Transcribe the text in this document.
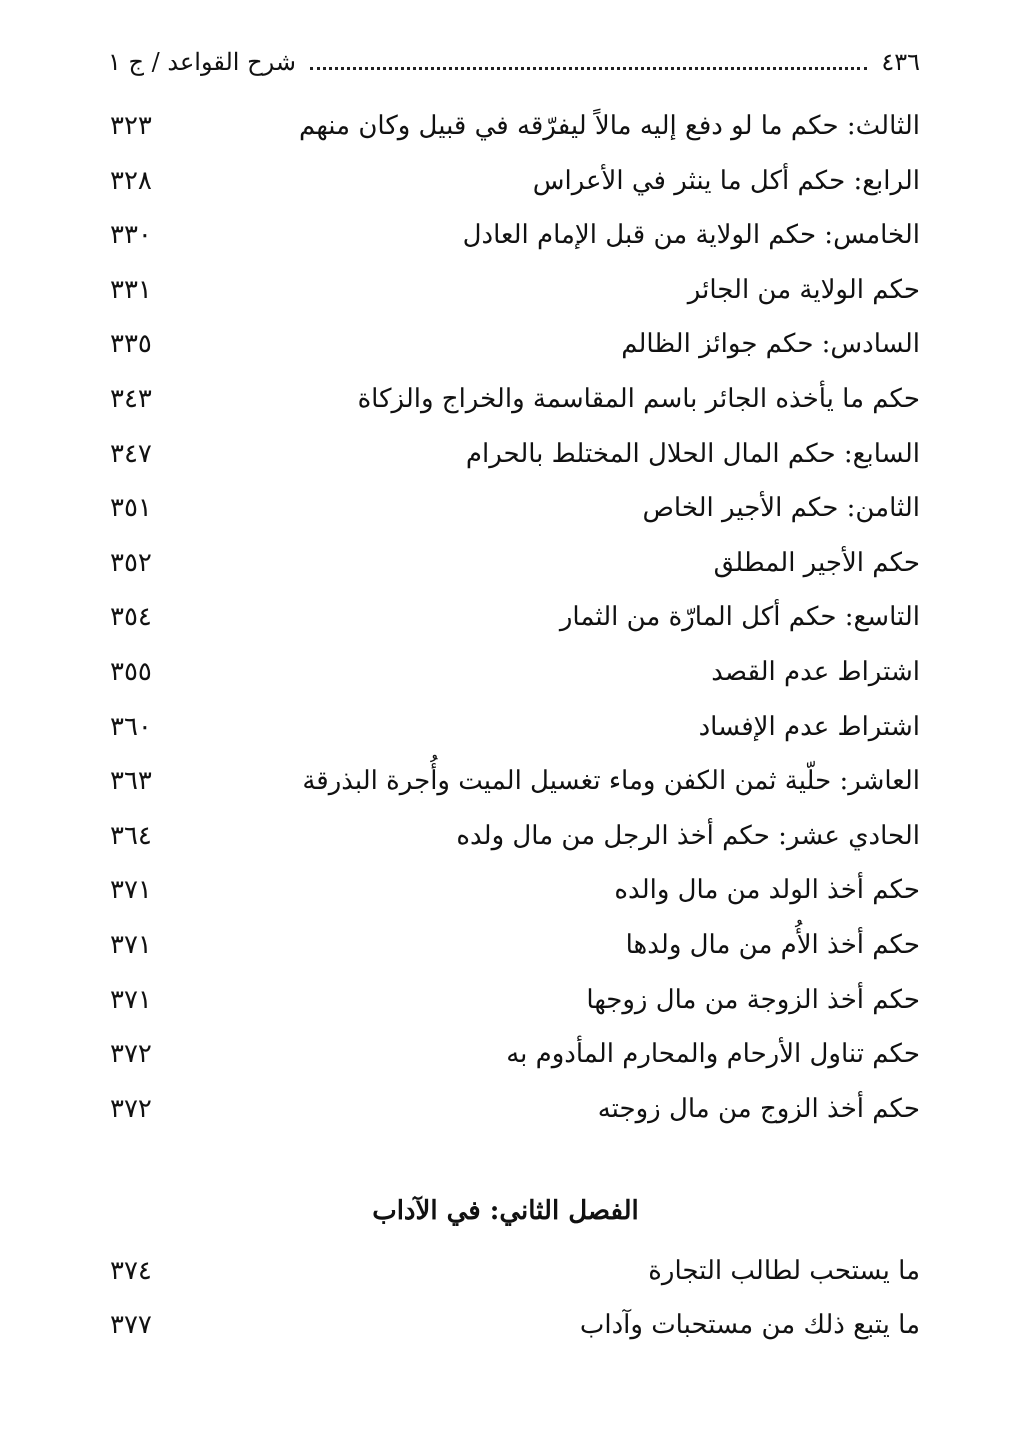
٤٣٦
شرح القواعد / ج ١
الثالث: حكم ما لو دفع إليه مالاً ليفرّقه في قبيل وكان منهم
٣٢٣
الرابع: حكم أكل ما ينثر في الأعراس
٣٢٨
الخامس: حكم الولاية من قبل الإمام العادل
٣٣٠
حكم الولاية من الجائر
٣٣١
السادس: حكم جوائز الظالم
٣٣٥
حكم ما يأخذه الجائر باسم المقاسمة والخراج والزكاة
٣٤٣
السابع: حكم المال الحلال المختلط بالحرام
٣٤٧
الثامن: حكم الأجير الخاص
٣٥١
حكم الأجير المطلق
٣٥٢
التاسع: حكم أكل المارّة من الثمار
٣٥٤
اشتراط عدم القصد
٣٥٥
اشتراط عدم الإفساد
٣٦٠
العاشر: حلّية ثمن الكفن وماء تغسيل الميت وأُجرة البذرقة
٣٦٣
الحادي عشر: حكم أخذ الرجل من مال ولده
٣٦٤
حكم أخذ الولد من مال والده
٣٧١
حكم أخذ الأُم من مال ولدها
٣٧١
حكم أخذ الزوجة من مال زوجها
٣٧١
حكم تناول الأرحام والمحارم المأدوم به
٣٧٢
حكم أخذ الزوج من مال زوجته
٣٧٢
الفصل الثاني: في الآداب
ما يستحب لطالب التجارة
٣٧٤
ما يتبع ذلك من مستحبات وآداب
٣٧٧
